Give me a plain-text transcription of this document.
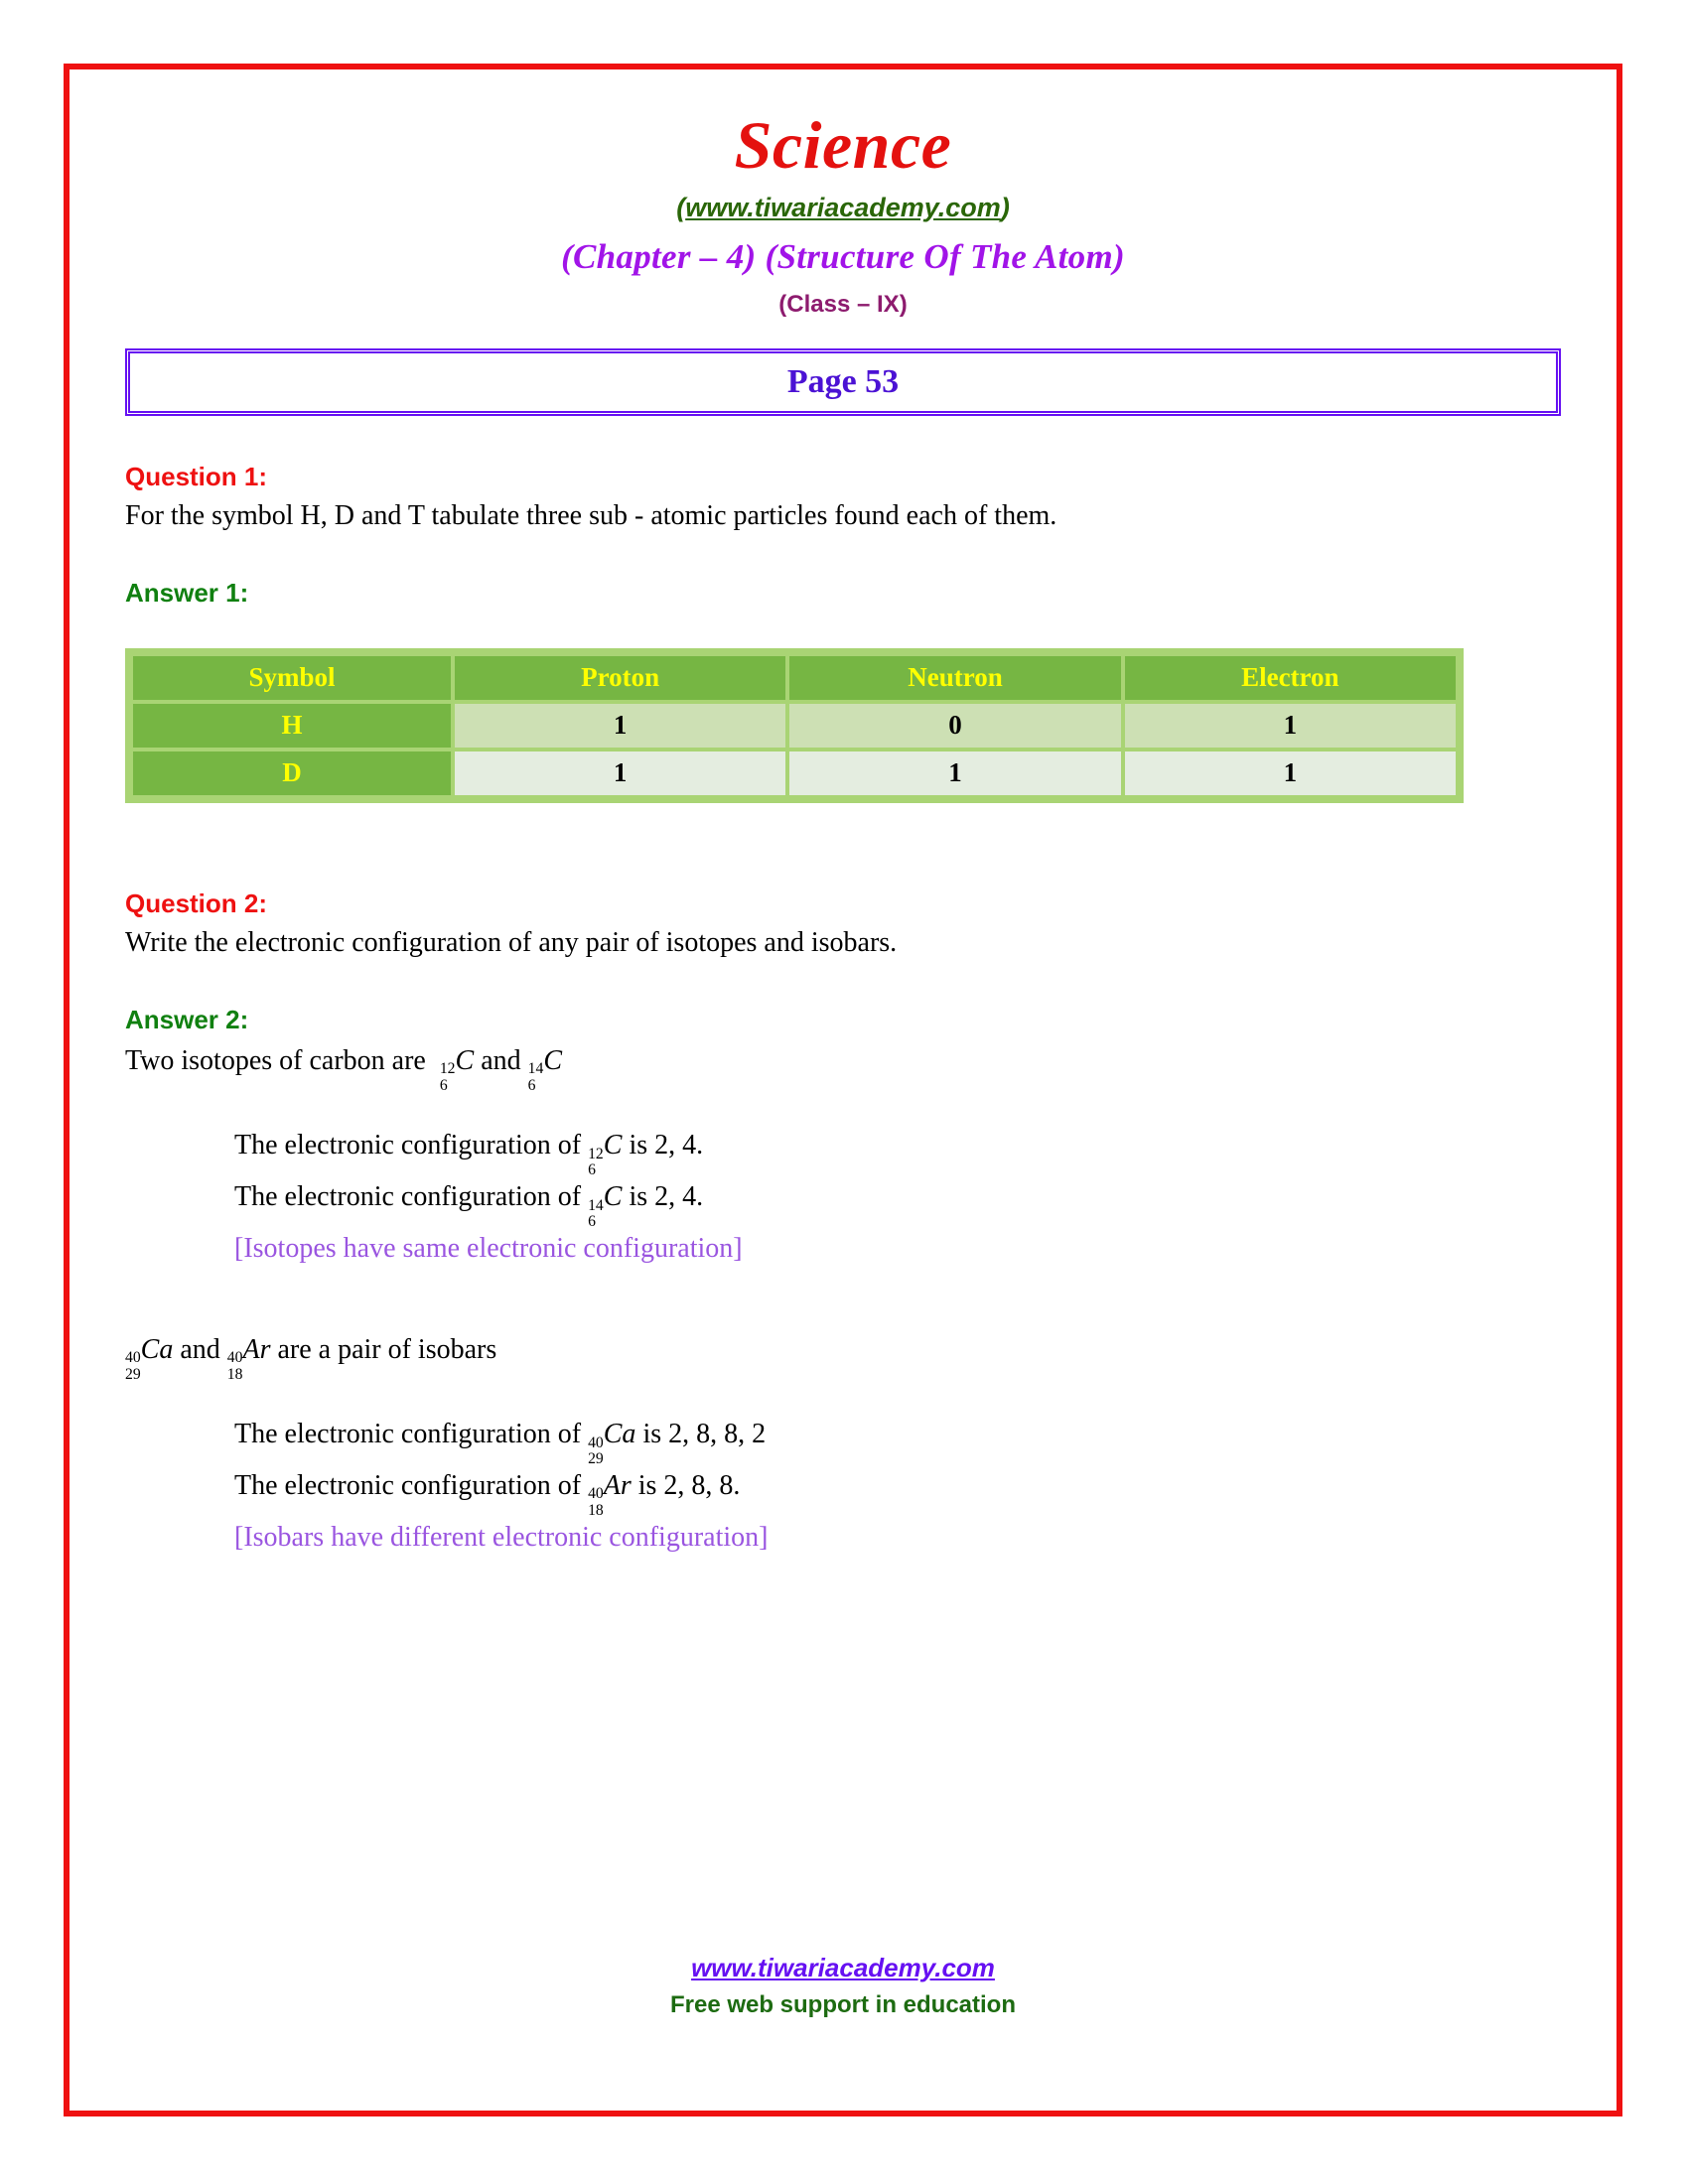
Science
(www.tiwariacademy.com)
(Chapter – 4) (Structure Of The Atom)
(Class – IX)
Page 53
Question 1:
For the symbol H, D and T tabulate three sub - atomic particles found each of them.
Answer 1:
Symbol	Proton	Neutron	Electron
H	1	0	1
D	1	1	1
Question 2:
Write the electronic configuration of any pair of isotopes and isobars.
Answer 2:
Two isotopes of carbon are 12
6
C and 14
6
C
The electronic configuration of 12
6
C is 2, 4.
The electronic configuration of 14
6
C is 2, 4.
[Isotopes have same electronic configuration]
40
29
Ca and 40
18
Ar are a pair of isobars
The electronic configuration of 40
29
Ca is 2, 8, 8, 2
The electronic configuration of 40
18
Ar is 2, 8, 8.
[Isobars have different electronic configuration]
www.tiwariacademy.com
Free web support in education
